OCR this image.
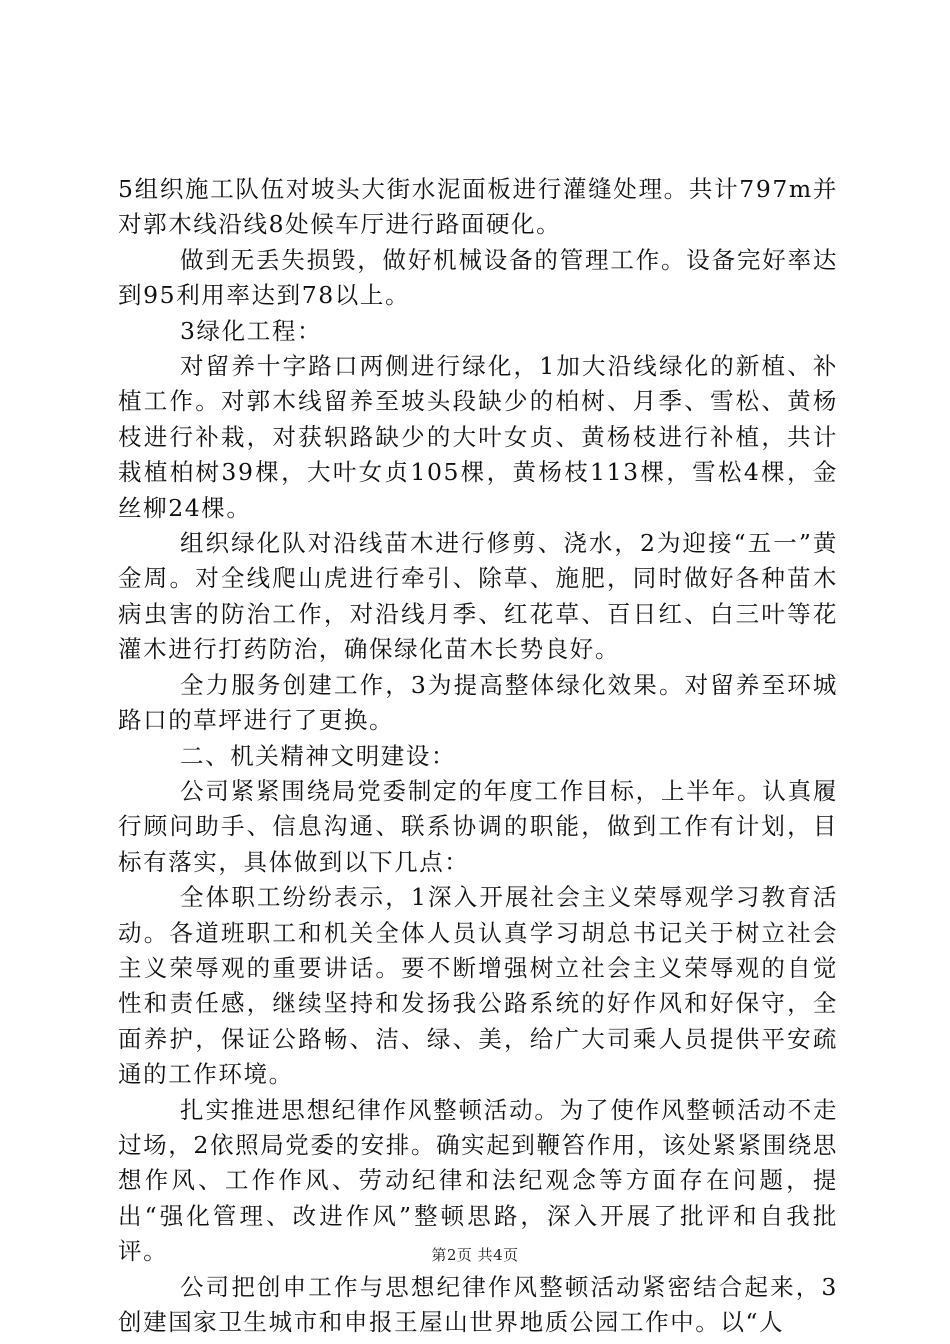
5组织施工队伍对坡头大街水泥面板进行灌缝处理。共计797m并对郭木线沿线8处候车厅进行路面硬化。

做到无丢失损毁，做好机械设备的管理工作。设备完好率达到95利用率达到78以上。

3绿化工程：

对留养十字路口两侧进行绿化，1加大沿线绿化的新植、补植工作。对郭木线留养至坡头段缺少的柏树、月季、雪松、黄杨枝进行补栽，对获轵路缺少的大叶女贞、黄杨枝进行补植，共计栽植柏树39棵，大叶女贞105棵，黄杨枝113棵，雪松4棵，金丝柳24棵。

组织绿化队对沿线苗木进行修剪、浇水，2为迎接“五一”黄金周。对全线爬山虎进行牵引、除草、施肥，同时做好各种苗木病虫害的防治工作，对沿线月季、红花草、百日红、白三叶等花灌木进行打药防治，确保绿化苗木长势良好。

全力服务创建工作，3为提高整体绿化效果。对留养至环城路口的草坪进行了更换。

二、机关精神文明建设：

公司紧紧围绕局党委制定的年度工作目标，上半年。认真履行顾问助手、信息沟通、联系协调的职能，做到工作有计划，目标有落实，具体做到以下几点：

全体职工纷纷表示，1深入开展社会主义荣辱观学习教育活动。各道班职工和机关全体人员认真学习胡总书记关于树立社会主义荣辱观的重要讲话。要不断增强树立社会主义荣辱观的自觉性和责任感，继续坚持和发扬我公路系统的好作风和好保守，全面养护，保证公路畅、洁、绿、美，给广大司乘人员提供平安疏通的工作环境。

扎实推进思想纪律作风整顿活动。为了使作风整顿活动不走过场，2依照局党委的安排。确实起到鞭笞作用，该处紧紧围绕思想作风、工作作风、劳动纪律和法纪观念等方面存在问题，提出“强化管理、改进作风”整顿思路，深入开展了批评和自我批评。

公司把创申工作与思想纪律作风整顿活动紧密结合起来，3创建国家卫生城市和申报王屋山世界地质公园工作中。以“人

第2页 共4页
